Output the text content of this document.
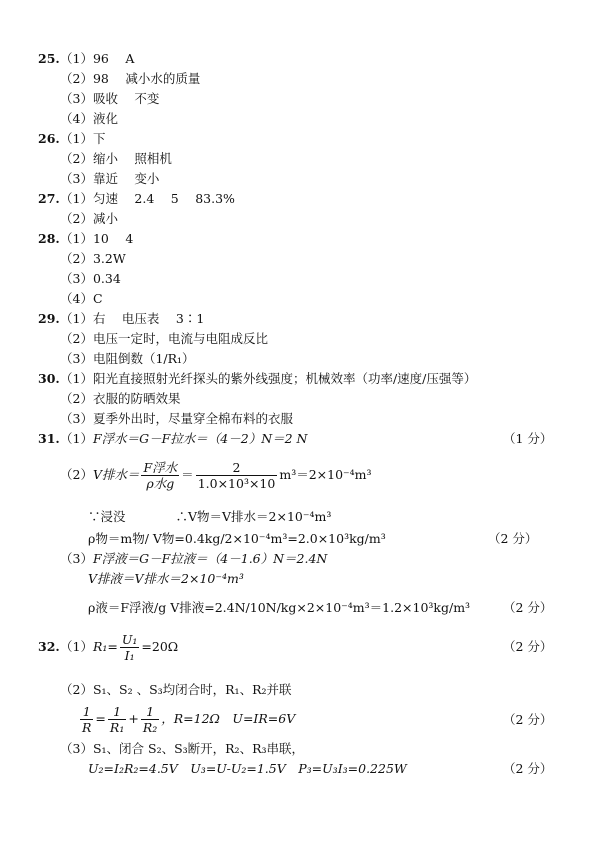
25. （1）96　 A
（2）98　 减小水的质量
（3）吸收　 不变
（4）液化
26. （1）下
（2）缩小　 照相机
（3）靠近　 变小
27. （1）匀速　 2.4　 5　 83.3%
（2）减小
28. （1）10　 4
（2）3.2W
（3）0.34
（4）C
29. （1）右　 电压表　 3∶1
（2）电压一定时，电流与电阻成反比
（3）电阻倒数（1/R₁）
30. （1）阳光直接照射光纤探头的紫外线强度；机械效率（功率/速度/压强等）
（2）衣服的防晒效果
（3）夏季外出时，尽量穿全棉布料的衣服
31. （1）F浮水＝G－F拉水＝（4－2）N＝2 N	（1 分）
（2）V排水＝ $\frac{\text{F浮水}}{\text{ρ水g}} = \frac{2}{\text{1.0×10³×10}} m^3=2\times 10^{-4}m^3$
∵浸没　　　　∴V物＝V排水＝2×10⁻⁴m³
ρ物＝m物/ V物=0.4kg/2×10⁻⁴m³=2.0×10³kg/m³	（2 分）
（3）F浮液＝G－F拉液＝（4－1.6）N＝2.4N
V排液＝V排水＝2×10⁻⁴m³
ρ液＝F浮液/g V排液=2.4N/10N/kg×2×10⁻⁴m³＝1.2×10³kg/m³	（2 分）
32. $(1)R_1= \frac{\text{U₁}}{\text{I₁}} =20\Omega$	（2 分）
（2）S₁、S₂ 、S₃均闭合时，R₁、R₂并联
$\frac{1}{R} = \frac{1}{\text{R₁}} + \frac{1}{\text{R₂}}$ ，R=12Ω　U=IR=6V	（2 分）
（3）S₁、闭合 S₂、S₃断开，R₂、R₃串联，
U₂=I₂R₂=4.5V　U₃=U-U₂=1.5V　P₃=U₃I₃=0.225W	（2 分）
